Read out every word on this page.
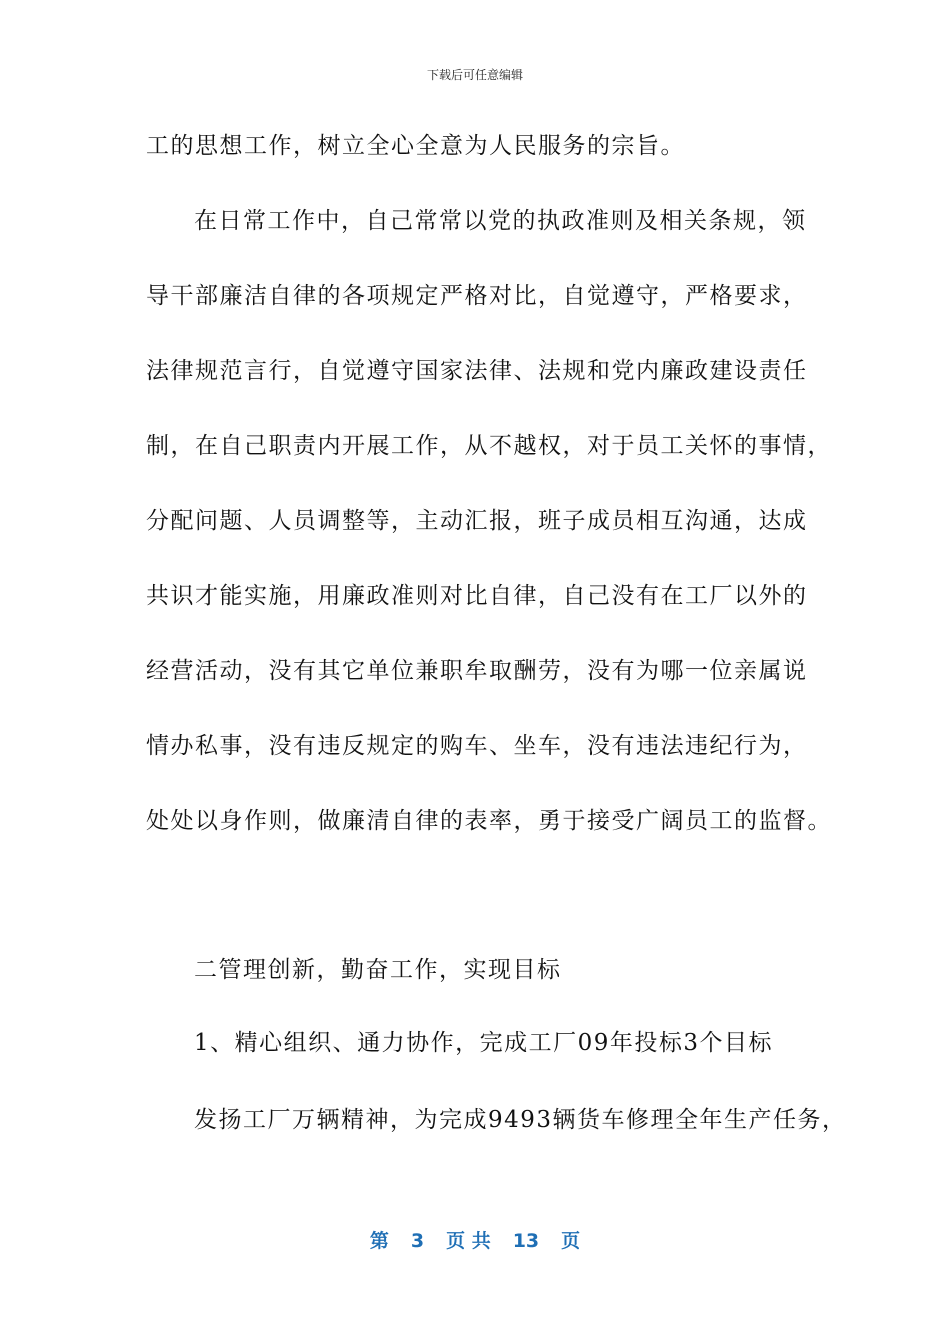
下载后可任意编辑
工的思想工作，树立全心全意为人民服务的宗旨。
在日常工作中，自己常常以党的执政准则及相关条规，领
导干部廉洁自律的各项规定严格对比，自觉遵守，严格要求，
法律规范言行，自觉遵守国家法律、法规和党内廉政建设责任
制，在自己职责内开展工作，从不越权，对于员工关怀的事情，
分配问题、人员调整等，主动汇报，班子成员相互沟通，达成
共识才能实施，用廉政准则对比自律，自己没有在工厂以外的
经营活动，没有其它单位兼职牟取酬劳，没有为哪一位亲属说
情办私事，没有违反规定的购车、坐车，没有违法违纪行为，
处处以身作则，做廉清自律的表率，勇于接受广阔员工的监督。
二管理创新，勤奋工作，实现目标
1、精心组织、通力协作，完成工厂09年投标3个目标
发扬工厂万辆精神，为完成9493辆货车修理全年生产任务，
第 3 页 共 13 页
